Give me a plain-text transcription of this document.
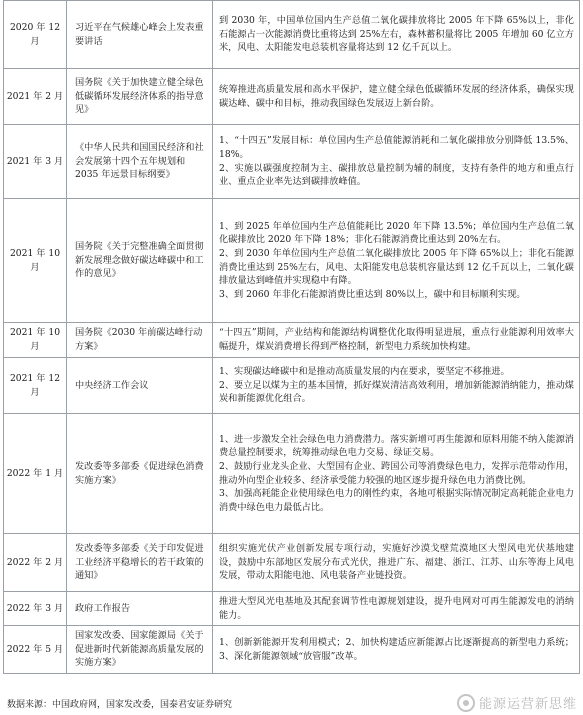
2020 年 12 月	习近平在气候雄心峰会上发表重要讲话	到 2030 年，中国单位国内生产总值二氧化碳排放将比 2005 年下降 65%以上，非化石能源占一次能源消费比重将达到 25%左右，森林蓄积量将比 2005 年增加 60 亿立方米，风电、太阳能发电总装机容量将达到 12 亿千瓦以上。

2021 年 2 月	国务院《关于加快建立健全绿色低碳循环发展经济体系的指导意见》	统筹推进高质量发展和高水平保护，建立健全绿色低碳循环发展的经济体系，确保实现碳达峰、碳中和目标，推动我国绿色发展迈上新台阶。

2021 年 3 月	《中华人民共和国国民经济和社会发展第十四个五年规划和 2035 年远景目标纲要》	1、“十四五”发展目标：单位国内生产总值能源消耗和二氧化碳排放分别降低 13.5%、18%。
2、实施以碳强度控制为主、碳排放总量控制为辅的制度，支持有条件的地方和重点行业、重点企业率先达到碳排放峰值。

2021 年 10 月	国务院《关于完整准确全面贯彻新发展理念做好碳达峰碳中和工作的意见》	1、到 2025 年单位国内生产总值能耗比 2020 年下降 13.5%；单位国内生产总值二氧化碳排放比 2020 年下降 18%；非化石能源消费比重达到 20%左右。
2、到 2030 年单位国内生产总值二氧化碳排放比 2005 年下降 65%以上；非化石能源消费比重达到 25%左右，风电、太阳能发电总装机容量达到 12 亿千瓦以上，二氧化碳排放量达到峰值并实现稳中有降。
3、到 2060 年非化石能源消费比重达到 80%以上，碳中和目标顺利实现。

2021 年 10 月	国务院《2030 年前碳达峰行动方案》	“十四五”期间，产业结构和能源结构调整优化取得明显进展，重点行业能源利用效率大幅提升，煤炭消费增长得到严格控制，新型电力系统加快构建。

2021 年 12 月	中央经济工作会议	1、实现碳达峰碳中和是推动高质量发展的内在要求，要坚定不移推进。
2、要立足以煤为主的基本国情，抓好煤炭清洁高效利用，增加新能源消纳能力，推动煤炭和新能源优化组合。

2022 年 1 月	发改委等多部委《促进绿色消费实施方案》	1、进一步激发全社会绿色电力消费潜力。落实新增可再生能源和原料用能不纳入能源消费总量控制要求，统筹推动绿色电力交易、绿证交易。
2、鼓励行业龙头企业、大型国有企业、跨国公司等消费绿色电力，发挥示范带动作用，推动外向型企业较多、经济承受能力较强的地区逐步提升绿色电力消费比例。
3、加强高耗能企业使用绿色电力的刚性约束，各地可根据实际情况制定高耗能企业电力消费中绿色电力最低占比。

2022 年 2 月	发改委等多部委《关于印发促进工业经济平稳增长的若干政策的通知》	组织实施光伏产业创新发展专项行动，实施好沙漠戈壁荒漠地区大型风电光伏基地建设，鼓励中东部地区发展分布式光伏，推进广东、福建、浙江、江苏、山东等海上风电发展，带动太阳能电池、风电装备产业链投资。

2022 年 3 月	政府工作报告	推进大型风光电基地及其配套调节性电源规划建设，提升电网对可再生能源发电的消纳能力。

2022 年 5 月	国家发改委、国家能源局《关于促进新时代新能源高质量发展的实施方案》	1、创新新能源开发利用模式；2、加快构建适应新能源占比逐渐提高的新型电力系统；3、深化新能源领域“放管服”改革。
数据来源：中国政府网，国家发改委，国泰君安证券研究	能源运营新思维
